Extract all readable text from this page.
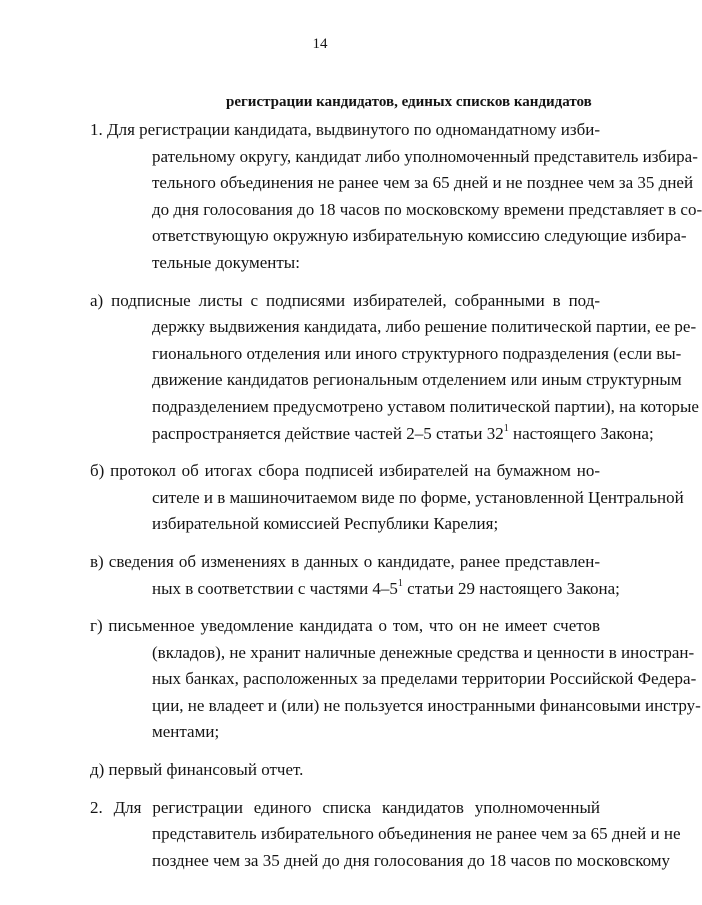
14
регистрации кандидатов, единых списков кандидатов

1. Для регистрации кандидата, выдвинутого по одномандатному изби-
рательному округу, кандидат либо уполномоченный представитель избира-
тельного объединения не ранее чем за 65 дней и не позднее чем за 35 дней
до дня голосования до 18 часов по московскому времени представляет в со-
ответствующую окружную избирательную комиссию следующие избира-
тельные документы:

а) подписные листы с подписями избирателей, собранными в под-
держку выдвижения кандидата, либо решение политической партии, ее ре-
гионального отделения или иного структурного подразделения (если вы-
движение кандидатов региональным отделением или иным структурным
подразделением предусмотрено уставом политической партии), на которые
распространяется действие частей 2–5 статьи $32^1$ настоящего Закона;

б) протокол об итогах сбора подписей избирателей на бумажном но-
сителе и в машиночитаемом виде по форме, установленной Центральной
избирательной комиссией Республики Карелия;

в) сведения об изменениях в данных о кандидате, ранее представлен-
ных в соответствии с частями $4-5^1$ статьи 29 настоящего Закона;

г) письменное уведомление кандидата о том, что он не имеет счетов
(вкладов), не хранит наличные денежные средства и ценности в иностран-
ных банках, расположенных за пределами территории Российской Федера-
ции, не владеет и (или) не пользуется иностранными финансовыми инстру-
ментами;

д) первый финансовый отчет.

2. Для регистрации единого списка кандидатов уполномоченный
представитель избирательного объединения не ранее чем за 65 дней и не
позднее чем за 35 дней до дня голосования до 18 часов по московскому
